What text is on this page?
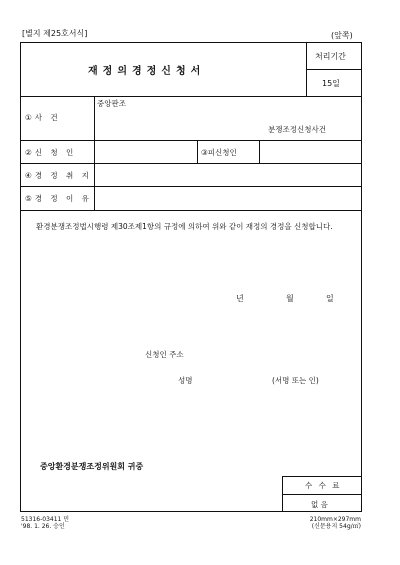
[별지 제25호서식]	(앞쪽)
재정의경정신청서
처리기간
15일
①사 건
중앙판조
분쟁조정신청사건
②신 청 인	③피신청인
④경 정 취 지
⑤경 정 이 유
환경분쟁조정법시행령 제30조제1항의 규정에 의하여 위와 같이 재정의 경정을 신청합니다.
년	월	일
신청인 주소
성명	(서명 또는 인)
중앙환경분쟁조정위원회 귀중
수 수 료
없 음
51316-03411 민
'98. 1. 26. 승인
210mm×297mm
(신문용지 54g/㎡)
